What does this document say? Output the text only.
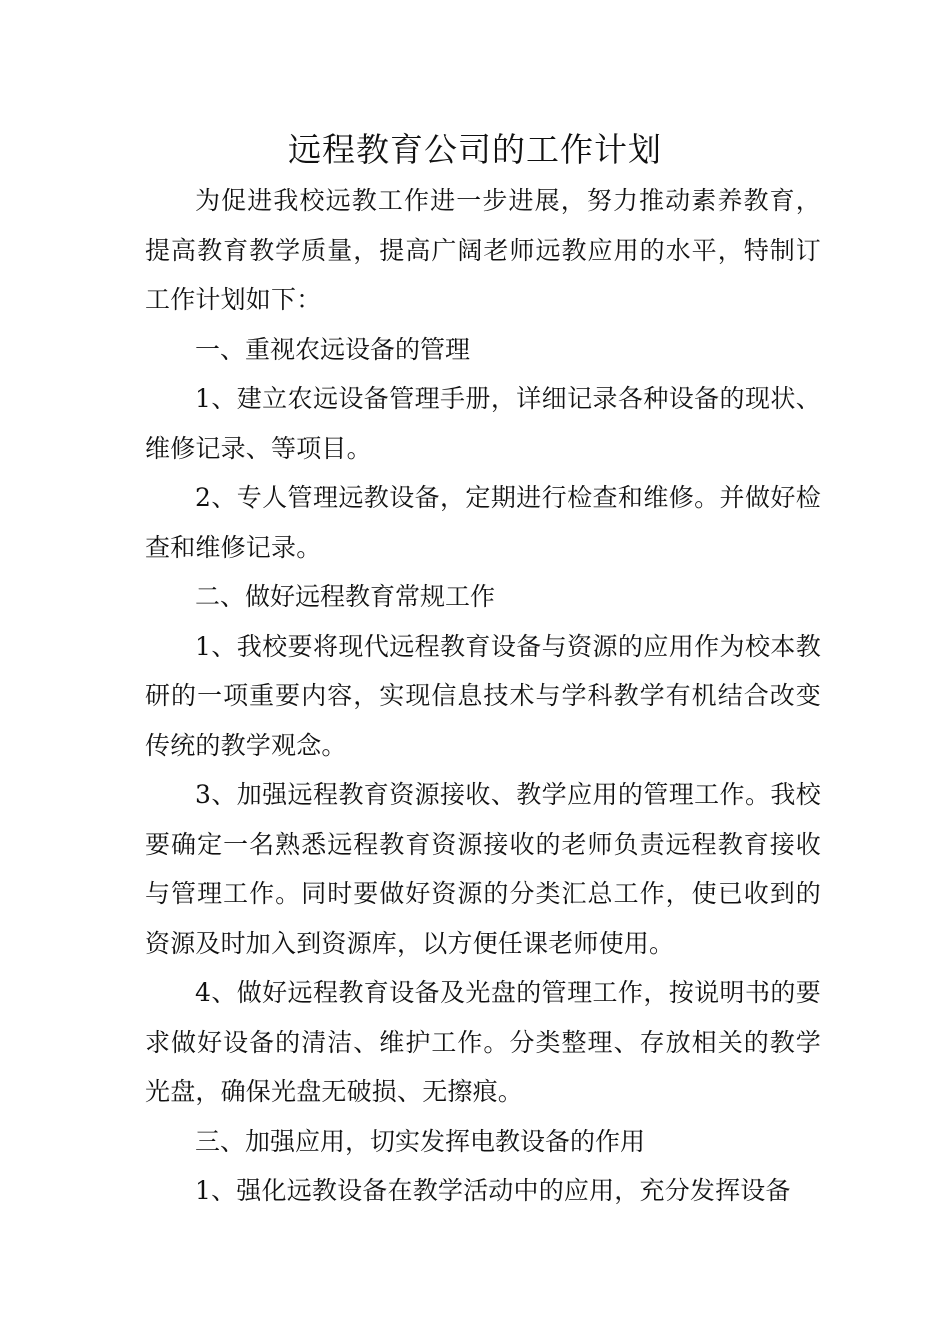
远程教育公司的工作计划

为促进我校远教工作进一步进展，努力推动素养教育，提高教育教学质量，提高广阔老师远教应用的水平，特制订工作计划如下：

一、重视农远设备的管理

1、建立农远设备管理手册，详细记录各种设备的现状、维修记录、等项目。

2、专人管理远教设备，定期进行检查和维修。并做好检查和维修记录。

二、做好远程教育常规工作

1、我校要将现代远程教育设备与资源的应用作为校本教研的一项重要内容，实现信息技术与学科教学有机结合改变传统的教学观念。

3、加强远程教育资源接收、教学应用的管理工作。我校要确定一名熟悉远程教育资源接收的老师负责远程教育接收与管理工作。同时要做好资源的分类汇总工作，使已收到的资源及时加入到资源库，以方便任课老师使用。

4、做好远程教育设备及光盘的管理工作，按说明书的要求做好设备的清洁、维护工作。分类整理、存放相关的教学光盘，确保光盘无破损、无擦痕。

三、加强应用，切实发挥电教设备的作用

1、强化远教设备在教学活动中的应用，充分发挥设备
